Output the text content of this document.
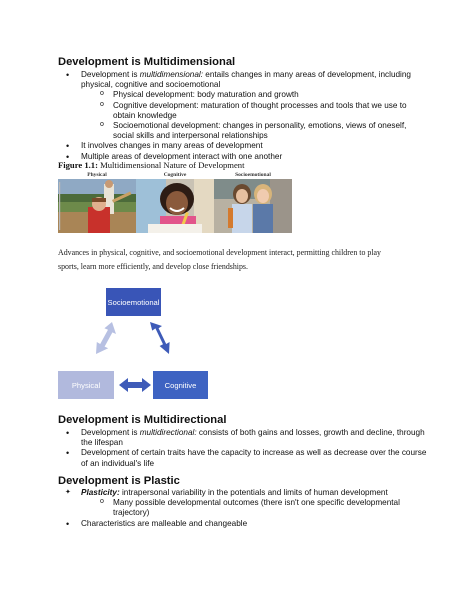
Development is Multidimensional
• Development is multidimensional: entails changes in many areas of development, including physical, cognitive and socioemotional
o Physical development: body maturation and growth
o Cognitive development: maturation of thought processes and tools that we use to obtain knowledge
o Socioemotional development: changes in personality, emotions, views of oneself, social skills and interpersonal relationships
• It involves changes in many areas of development
• Multiple areas of development interact with one another
Figure 1.1: Multidimensional Nature of Development
Physical	Cognitive	Socioemotional
Advances in physical, cognitive, and socioemotional development interact, permitting children to play sports, learn more efficiently, and develop close friendships.
Socioemotional
Physical	Cognitive
Development is Multidirectional
• Development is multidirectional: consists of both gains and losses, growth and decline, through the lifespan
• Development of certain traits have the capacity to increase as well as decrease over the course of an individual's life
Development is Plastic
✦ Plasticity: intrapersonal variability in the potentials and limits of human development
o Many possible developmental outcomes (there isn't one specific developmental trajectory)
• Characteristics are malleable and changeable
